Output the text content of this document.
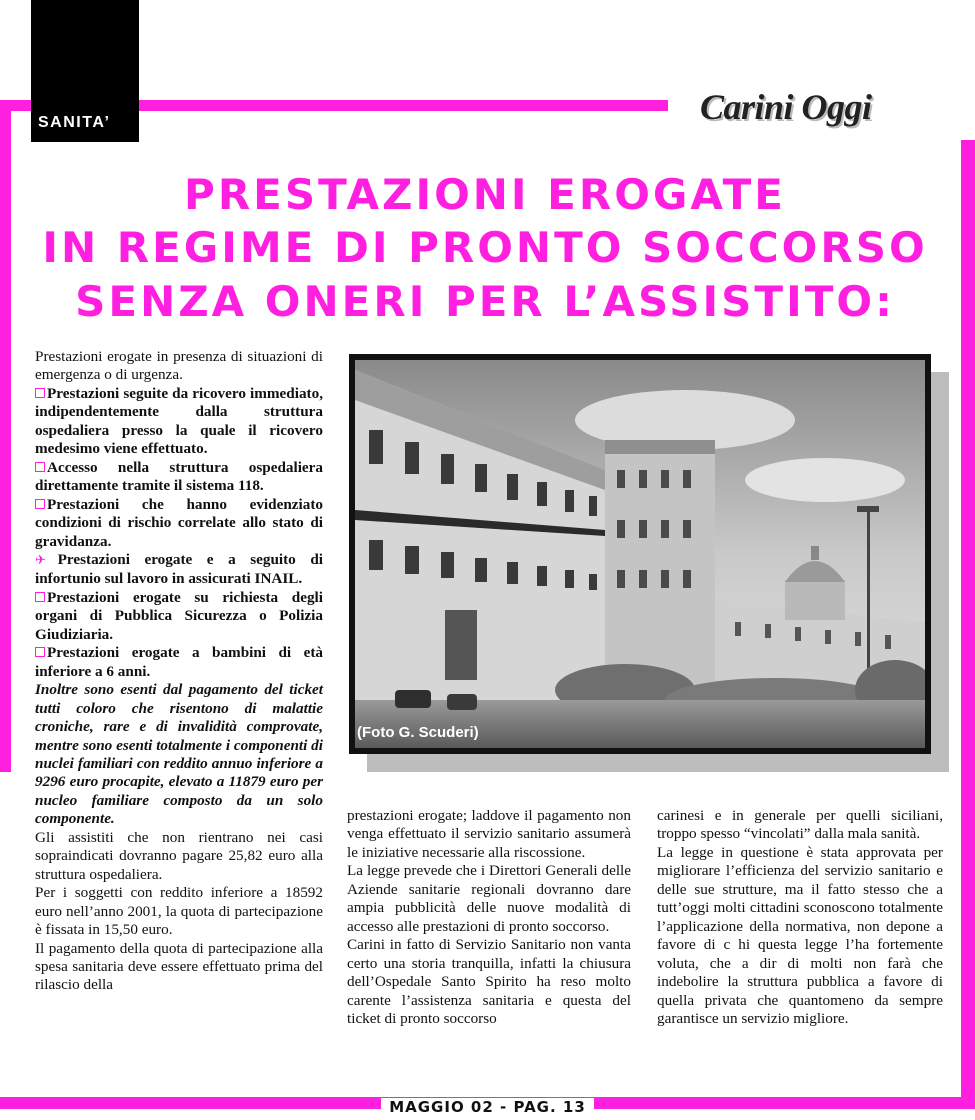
SANITA’	Carini Oggi
PRESTAZIONI EROGATE
IN REGIME DI PRONTO SOCCORSO
SENZA ONERI PER L’ASSISTITO:

Prestazioni erogate in presenza di situazioni di emergenza o di urgenza.

Prestazioni seguite da ricovero immediato, indipendentemente dalla struttura ospedaliera presso la quale il ricovero medesimo viene effettuato.

Accesso nella struttura ospedaliera direttamente tramite il sistema 118.

Prestazioni che hanno evidenziato condizioni di rischio correlate allo stato di gravidanza.

✈Prestazioni erogate e a seguito di infortunio sul lavoro in assicurati INAIL.

Prestazioni erogate su richiesta degli organi di Pubblica Sicurezza o Polizia Giudiziaria.

Prestazioni erogate a bambini di età inferiore a 6 anni.

Inoltre sono esenti dal pagamento del ticket tutti coloro che risentono di malattie croniche, rare e di invalidità comprovate, mentre sono esenti totalmente i componenti di nuclei familiari con reddito annuo inferiore a 9296 euro procapite, elevato a 11879 euro per nucleo familiare composto da un solo componente.

Gli assistiti che non rientrano nei casi sopraindicati dovranno pagare 25,82 euro alla struttura ospedaliera.

Per i soggetti con reddito inferiore a 18592 euro nell’anno 2001, la quota di partecipazione è fissata in 15,50 euro.

Il pagamento della quota di partecipazione alla spesa sanitaria deve essere effettuato prima del rilascio della

(Foto G. Scuderi)

prestazioni erogate; laddove il pagamento non venga effettuato il servizio sanitario assumerà le iniziative necessarie alla riscossione.

La legge prevede che i Direttori Generali delle Aziende sanitarie regionali dovranno dare ampia pubblicità delle nuove modalità di accesso alle prestazioni di pronto soccorso.

Carini in fatto di Servizio Sanitario non vanta certo una storia tranquilla, infatti la chiusura dell’Ospedale Santo Spirito ha reso molto carente l’assistenza sanitaria e questa del ticket di pronto soccorso

carinesi e in generale per quelli siciliani, troppo spesso “vincolati” dalla mala sanità.

La legge in questione è stata approvata per migliorare l’efficienza del servizio sanitario e delle sue strutture, ma il fatto stesso che a tutt’oggi molti cittadini sconoscono totalmente l’applicazione della normativa, non depone a favore di c hi questa legge l’ha fortemente voluta, che a dir di molti non farà che indebolire la struttura pubblica a favore di quella privata che quantomeno da sempre garantisce un servizio migliore.

MAGGIO 02 - PAG. 13
